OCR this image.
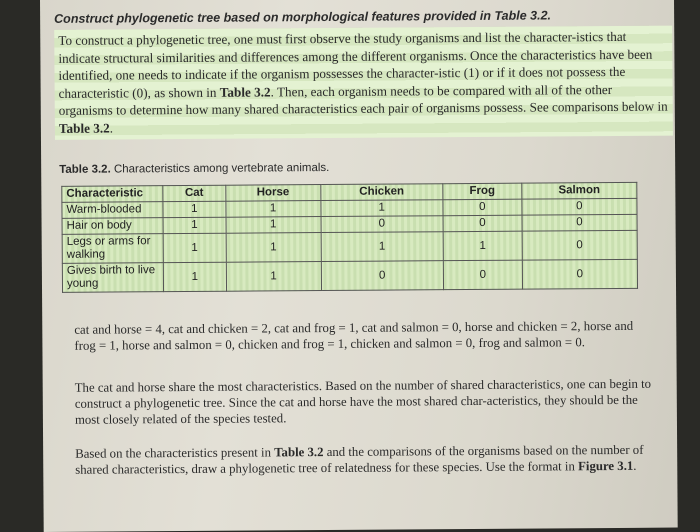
Construct phylogenetic tree based on morphological features provided in Table 3.2.
To construct a phylogenetic tree, one must first observe the study organisms and list the character-istics that indicate structural similarities and differences among the different organisms. Once the characteristics have been identified, one needs to indicate if the organism possesses the character-istic (1) or if it does not possess the characteristic (0), as shown in Table 3.2. Then, each organism needs to be compared with all of the other organisms to determine how many shared characteristics each pair of organisms possess. See comparisons below in Table 3.2.
Table 3.2. Characteristics among vertebrate animals.
Characteristic	Cat	Horse	Chicken	Frog	Salmon
Warm-blooded	1	1	1	0	0
Hair on body	1	1	0	0	0
Legs or arms for walking	1	1	1	1	0
Gives birth to live young	1	1	0	0	0
cat and horse = 4, cat and chicken = 2, cat and frog = 1, cat and salmon = 0, horse and chicken = 2, horse and frog = 1, horse and salmon = 0, chicken and frog = 1, chicken and salmon = 0, frog and salmon = 0.
The cat and horse share the most characteristics. Based on the number of shared characteristics, one can begin to construct a phylogenetic tree. Since the cat and horse have the most shared char-acteristics, they should be the most closely related of the species tested.
Based on the characteristics present in Table 3.2 and the comparisons of the organisms based on the number of shared characteristics, draw a phylogenetic tree of relatedness for these species. Use the format in Figure 3.1.
